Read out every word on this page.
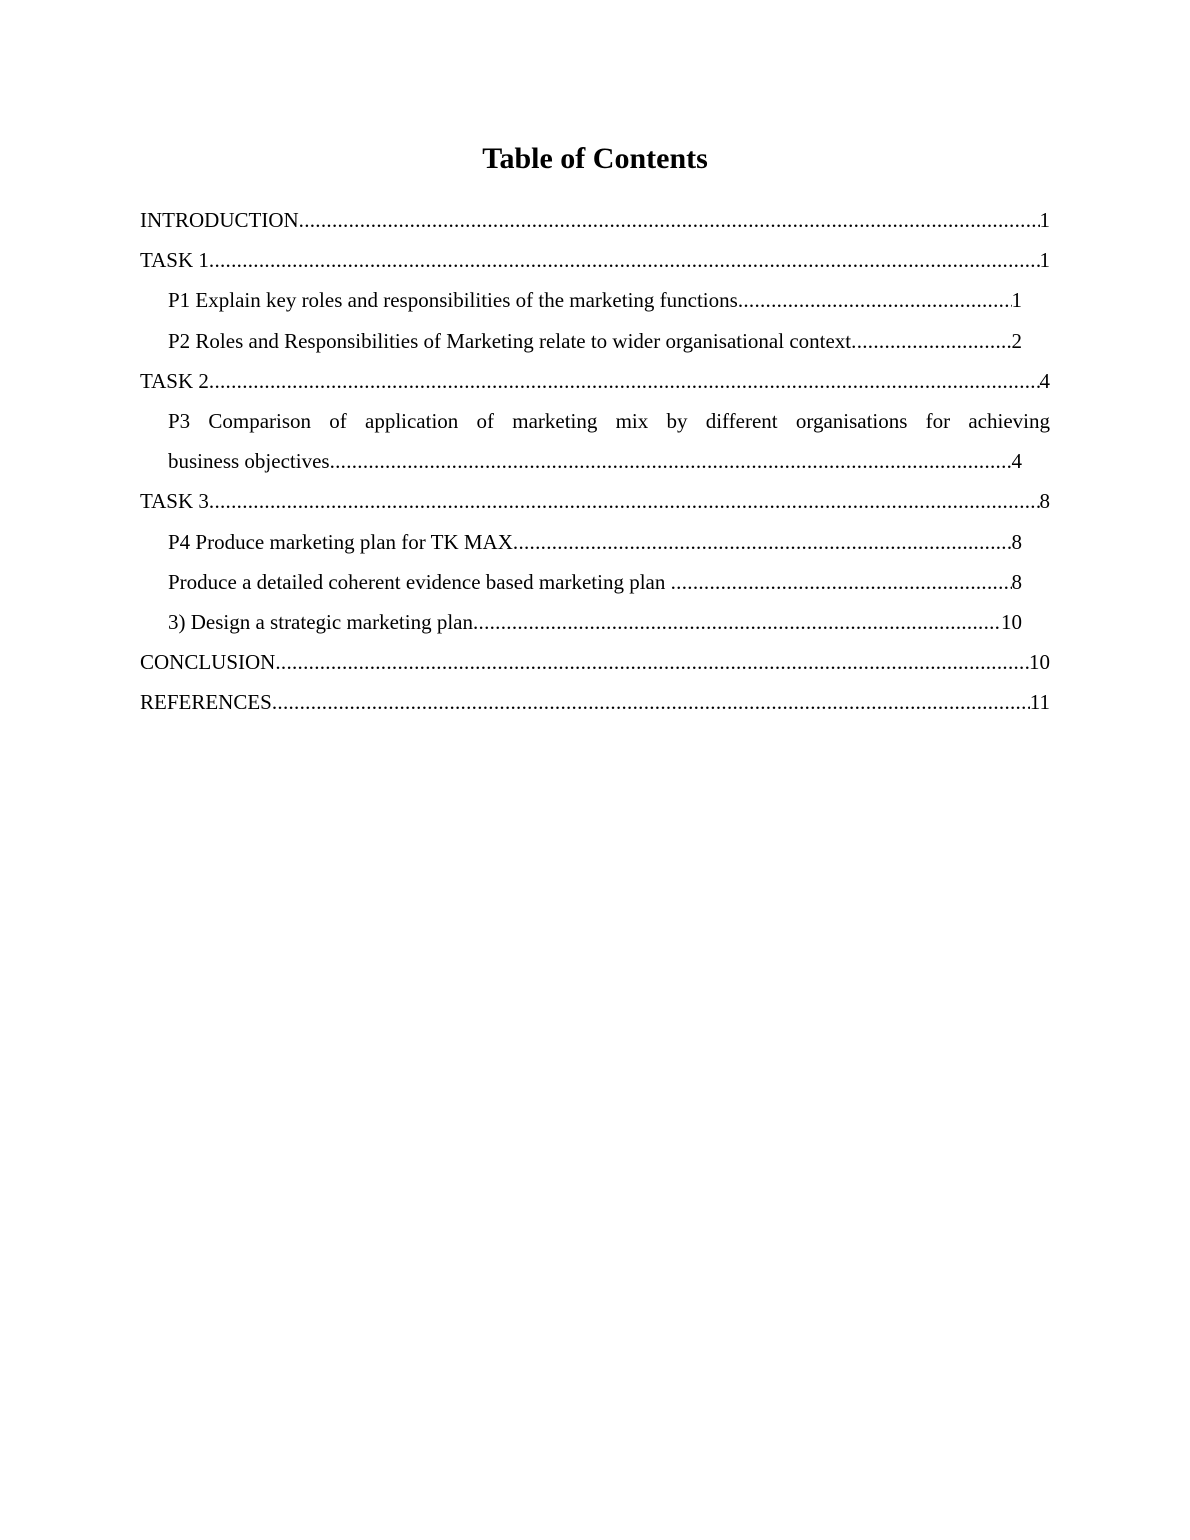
Table of Contents
INTRODUCTION .....	1
TASK 1 .....	1
P1 Explain key roles and responsibilities of the marketing functions .....	1
P2 Roles and Responsibilities of Marketing relate to wider organisational context .....	2
TASK 2 .....	4
P3 Comparison of application of marketing mix by different organisations for achieving
business objectives .....	4
TASK 3 .....	8
P4 Produce marketing plan for TK MAX .....	8
Produce a detailed coherent evidence based marketing plan .....	8
3) Design a strategic marketing plan .....	10
CONCLUSION .....	10
REFERENCES .....	11
